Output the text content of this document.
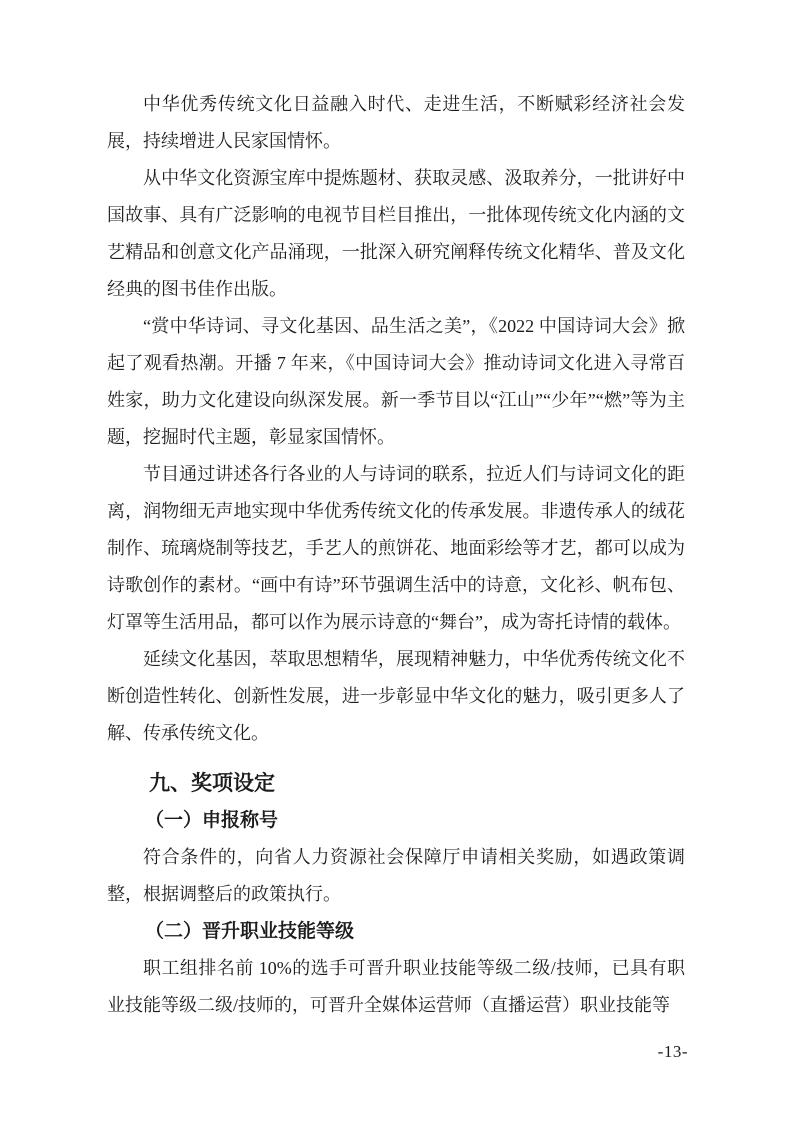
中华优秀传统文化日益融入时代、走进生活，不断赋彩经济社会发展，持续增进人民家国情怀。

从中华文化资源宝库中提炼题材、获取灵感、汲取养分，一批讲好中国故事、具有广泛影响的电视节目栏目推出，一批体现传统文化内涵的文艺精品和创意文化产品涌现，一批深入研究阐释传统文化精华、普及文化经典的图书佳作出版。

“赏中华诗词、寻文化基因、品生活之美”，《2022 中国诗词大会》掀起了观看热潮。开播 7 年来，《中国诗词大会》推动诗词文化进入寻常百姓家，助力文化建设向纵深发展。新一季节目以“江山”“少年”“燃”等为主题，挖掘时代主题，彰显家国情怀。

节目通过讲述各行各业的人与诗词的联系，拉近人们与诗词文化的距离，润物细无声地实现中华优秀传统文化的传承发展。非遗传承人的绒花制作、琉璃烧制等技艺，手艺人的煎饼花、地面彩绘等才艺，都可以成为诗歌创作的素材。“画中有诗”环节强调生活中的诗意，文化衫、帆布包、灯罩等生活用品，都可以作为展示诗意的“舞台”，成为寄托诗情的载体。

延续文化基因，萃取思想精华，展现精神魅力，中华优秀传统文化不断创造性转化、创新性发展，进一步彰显中华文化的魅力，吸引更多人了解、传承传统文化。

九、奖项设定
（一）申报称号

符合条件的，向省人力资源社会保障厅申请相关奖励，如遇政策调整，根据调整后的政策执行。

（二）晋升职业技能等级

职工组排名前 10%的选手可晋升职业技能等级二级/技师，已具有职业技能等级二级/技师的，可晋升全媒体运营师（直播运营）职业技能等

-13-
